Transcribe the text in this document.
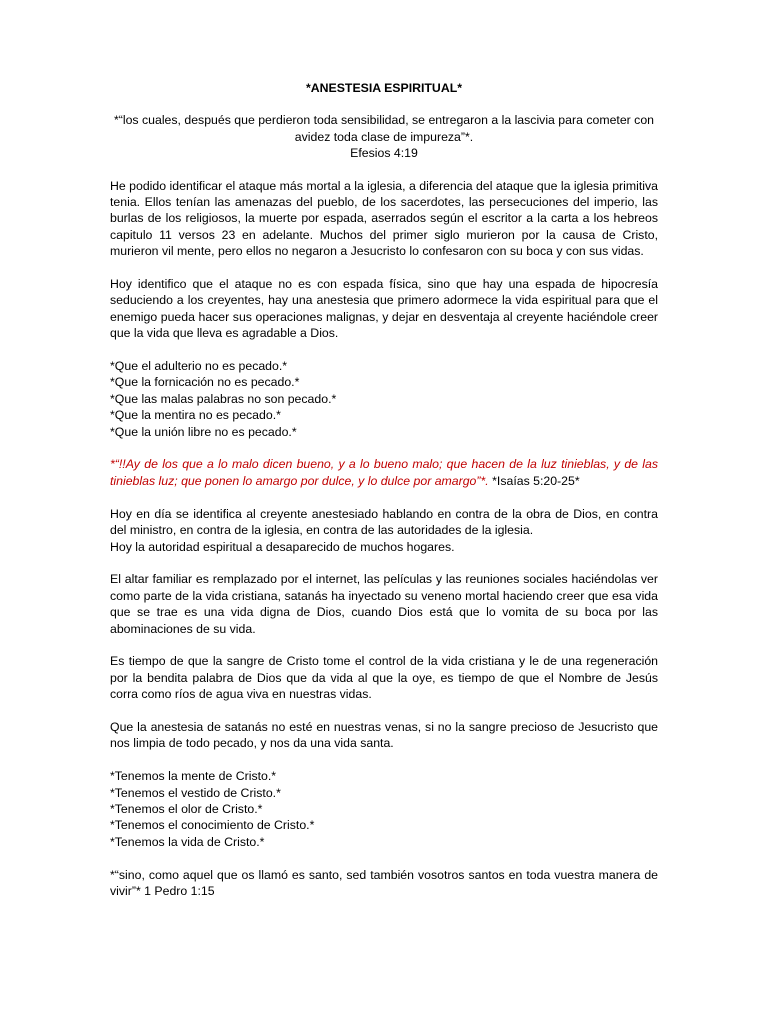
*ANESTESIA ESPIRITUAL*

*“los cuales, después que perdieron toda sensibilidad, se entregaron a la lascivia para cometer con avidez toda clase de impureza”*.

Efesios 4:19

He podido identificar el ataque más mortal a la iglesia, a diferencia del ataque que la iglesia primitiva tenia. Ellos tenían las amenazas del pueblo, de los sacerdotes, las persecuciones del imperio, las burlas de los religiosos, la muerte por espada, aserrados según el escritor a la carta a los hebreos capitulo 11 versos 23 en adelante. Muchos del primer siglo murieron por la causa de Cristo, murieron vil mente, pero ellos no negaron a Jesucristo lo confesaron con su boca y con sus vidas.

Hoy identifico que el ataque no es con espada física, sino que hay una espada de hipocresía seduciendo a los creyentes, hay una anestesia que primero adormece la vida espiritual para que el enemigo pueda hacer sus operaciones malignas, y dejar en desventaja al creyente haciéndole creer que la vida que lleva es agradable a Dios.

*Que el adulterio no es pecado.*
*Que la fornicación no es pecado.*
*Que las malas palabras no son pecado.*
*Que la mentira no es pecado.*
*Que la unión libre no es pecado.*

*“!!Ay de los que a lo malo dicen bueno, y a lo bueno malo; que hacen de la luz tinieblas, y de las tinieblas luz; que ponen lo amargo por dulce, y lo dulce por amargo”*. *Isaías 5:20-25*

Hoy en día se identifica al creyente anestesiado hablando en contra de la obra de Dios, en contra del ministro, en contra de la iglesia, en contra de las autoridades de la iglesia.
Hoy la autoridad espiritual a desaparecido de muchos hogares.

El altar familiar es remplazado por el internet, las películas y las reuniones sociales haciéndolas ver como parte de la vida cristiana, satanás ha inyectado su veneno mortal haciendo creer que esa vida que se trae es una vida digna de Dios, cuando Dios está que lo vomita de su boca por las abominaciones de su vida.

Es tiempo de que la sangre de Cristo tome el control de la vida cristiana y le de una regeneración por la bendita palabra de Dios que da vida al que la oye, es tiempo de que el Nombre de Jesús corra como ríos de agua viva en nuestras vidas.

Que la anestesia de satanás no esté en nuestras venas, si no la sangre precioso de Jesucristo que nos limpia de todo pecado, y nos da una vida santa.

*Tenemos la mente de Cristo.*
*Tenemos el vestido de Cristo.*
*Tenemos el olor de Cristo.*
*Tenemos el conocimiento de Cristo.*
*Tenemos la vida de Cristo.*

*“sino, como aquel que os llamó es santo, sed también vosotros santos en toda vuestra manera de vivir”* 1 Pedro 1:15
